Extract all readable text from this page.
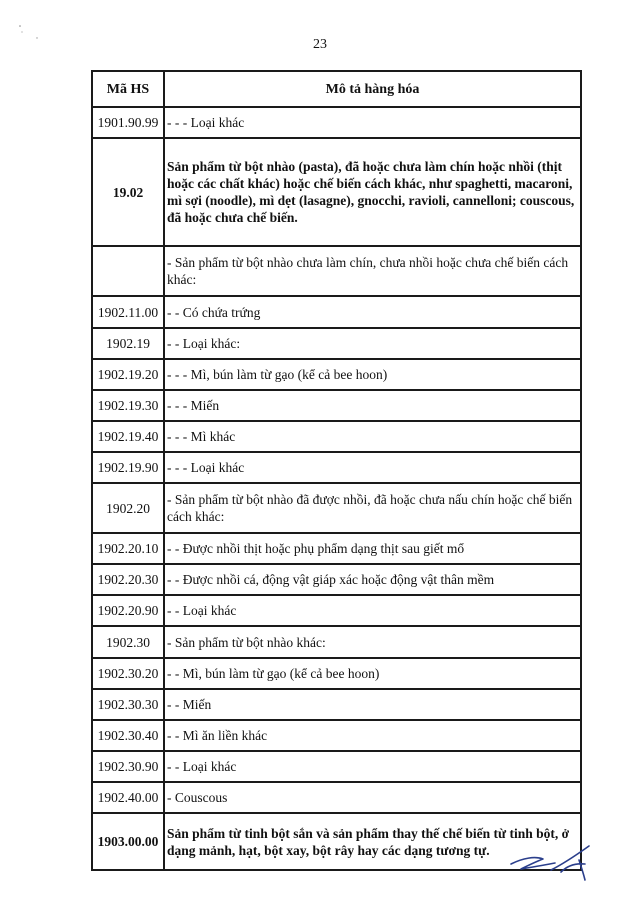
23
Mã HS	Mô tả hàng hóa
1901.90.99	- - - Loại khác
19.02	Sản phẩm từ bột nhào (pasta), đã hoặc chưa làm chín hoặc nhồi (thịt hoặc các chất khác) hoặc chế biến cách khác, như spaghetti, macaroni, mì sợi (noodle), mì dẹt (lasagne), gnocchi, ravioli, cannelloni; couscous, đã hoặc chưa chế biến.
	- Sản phẩm từ bột nhào chưa làm chín, chưa nhồi hoặc chưa chế biến cách khác:
1902.11.00	- - Có chứa trứng
1902.19	- - Loại khác:
1902.19.20	- - - Mì, bún làm từ gạo (kể cả bee hoon)
1902.19.30	- - - Miến
1902.19.40	- - - Mì khác
1902.19.90	- - - Loại khác
1902.20	- Sản phẩm từ bột nhào đã được nhồi, đã hoặc chưa nấu chín hoặc chế biến cách khác:
1902.20.10	- - Được nhồi thịt hoặc phụ phẩm dạng thịt sau giết mổ
1902.20.30	- - Được nhồi cá, động vật giáp xác hoặc động vật thân mềm
1902.20.90	- - Loại khác
1902.30	- Sản phẩm từ bột nhào khác:
1902.30.20	- - Mì, bún làm từ gạo (kể cả bee hoon)
1902.30.30	- - Miến
1902.30.40	- - Mì ăn liền khác
1902.30.90	- - Loại khác
1902.40.00	- Couscous
1903.00.00	Sản phẩm từ tinh bột sắn và sản phẩm thay thế chế biến từ tinh bột, ở dạng mảnh, hạt, bột xay, bột rây hay các dạng tương tự.
